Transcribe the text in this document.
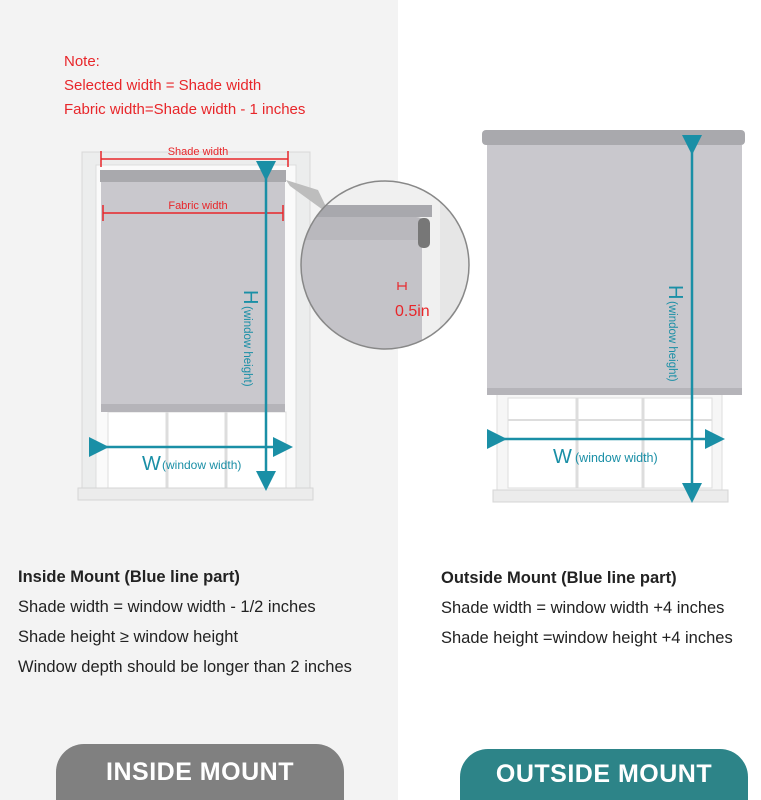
Shade width
Fabric width
0.5in
H
(window height)
W (window width)
H
(window height)
W (window width)
Note:
Selected width = Shade width
Fabric width=Shade width - 1 inches
Inside Mount (Blue line part)
Shade width = window width - 1/2 inches
Shade height ≥ window height
Window depth should be longer than 2 inches
Outside Mount (Blue line part)
Shade width = window width +4 inches
Shade height =window height +4 inches
INSIDE MOUNT	OUTSIDE MOUNT
